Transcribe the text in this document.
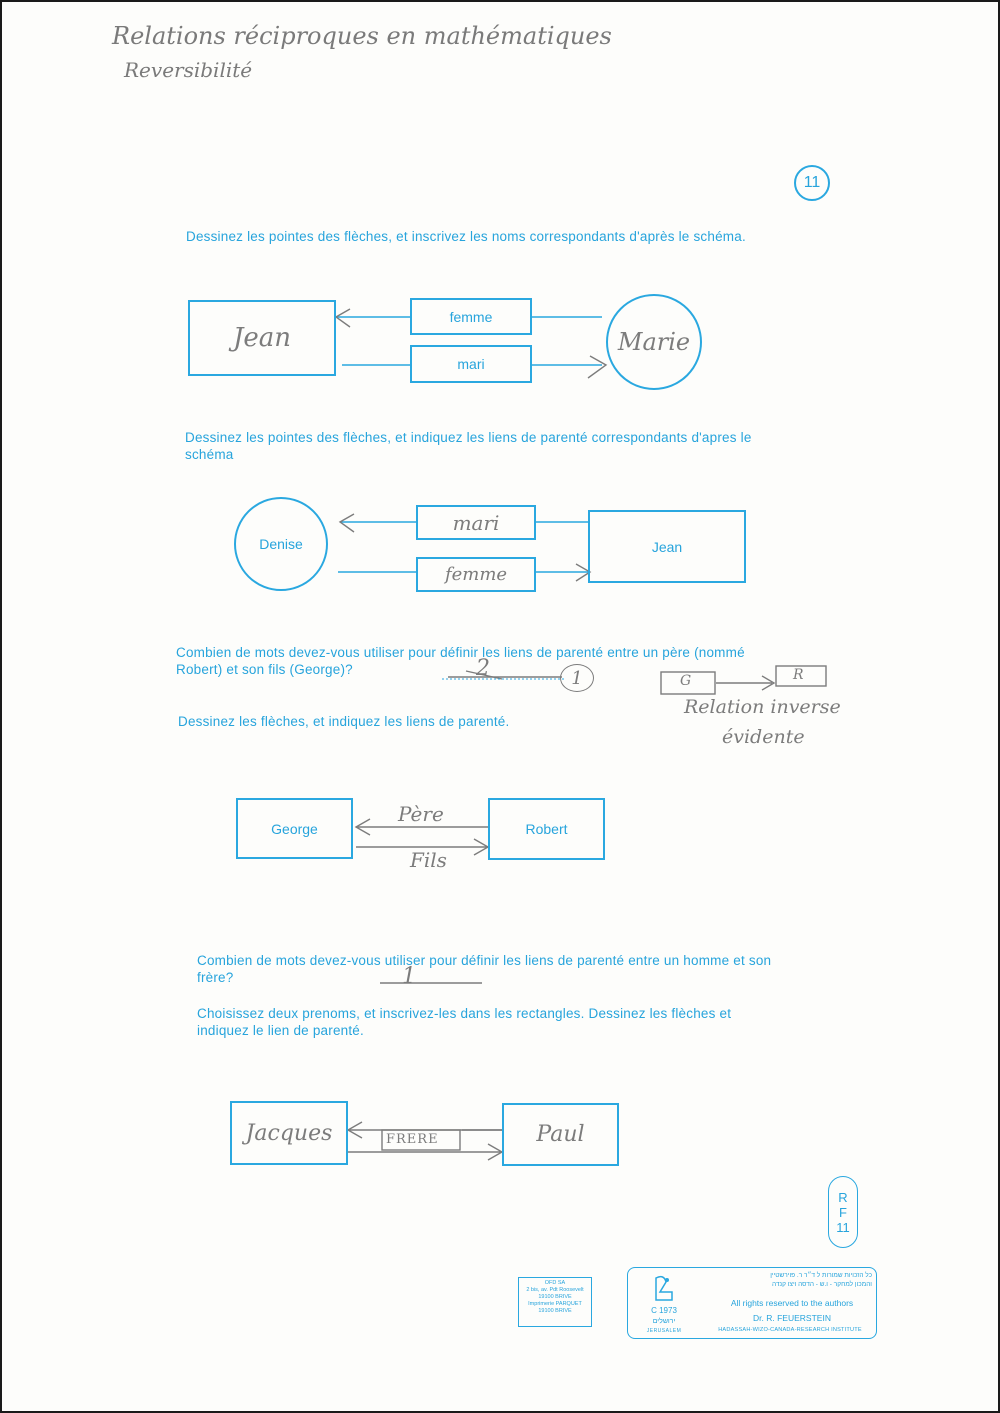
Relations réciproques en mathématiques
Reversibilité
11
Dessinez les pointes des flèches, et inscrivez les noms correspondants d'après le schéma.
Jean
femme
mari
Marie
Dessinez les pointes des flèches, et indiquez les liens de parenté correspondants d'apres le schéma
Denise
mari
femme
Jean
Combien de mots devez-vous utiliser pour définir les liens de parenté entre un père (nommé Robert) et son fils (George)?	2	1	G	R
Relation inverse
évidente
Dessinez les flèches, et indiquez les liens de parenté.
George	Robert
Père
Fils
Combien de mots devez-vous utiliser pour définir les liens de parenté entre un homme et son frère?	1
Choisissez deux prenoms, et inscrivez-les dans les rectangles. Dessinez les flèches et indiquez le lien de parenté.
Jacques	Paul
FRERE
R
F
11
OFD SA
2 bis, av. Pdt Roosevelt
19100 BRIVE
Imprimerie PARQUET
19100 BRIVE
כל הזכויות שמורות ל ד״ר ר. פוירשטיין
והמכון למחקר - ו.ש - הדסה ויצו קנדה
C 1973
ירושלים
JERUSALEM
All rights reserved to the authors
Dr. R. FEUERSTEIN
HADASSAH-WIZO-CANADA-RESEARCH INSTITUTE
